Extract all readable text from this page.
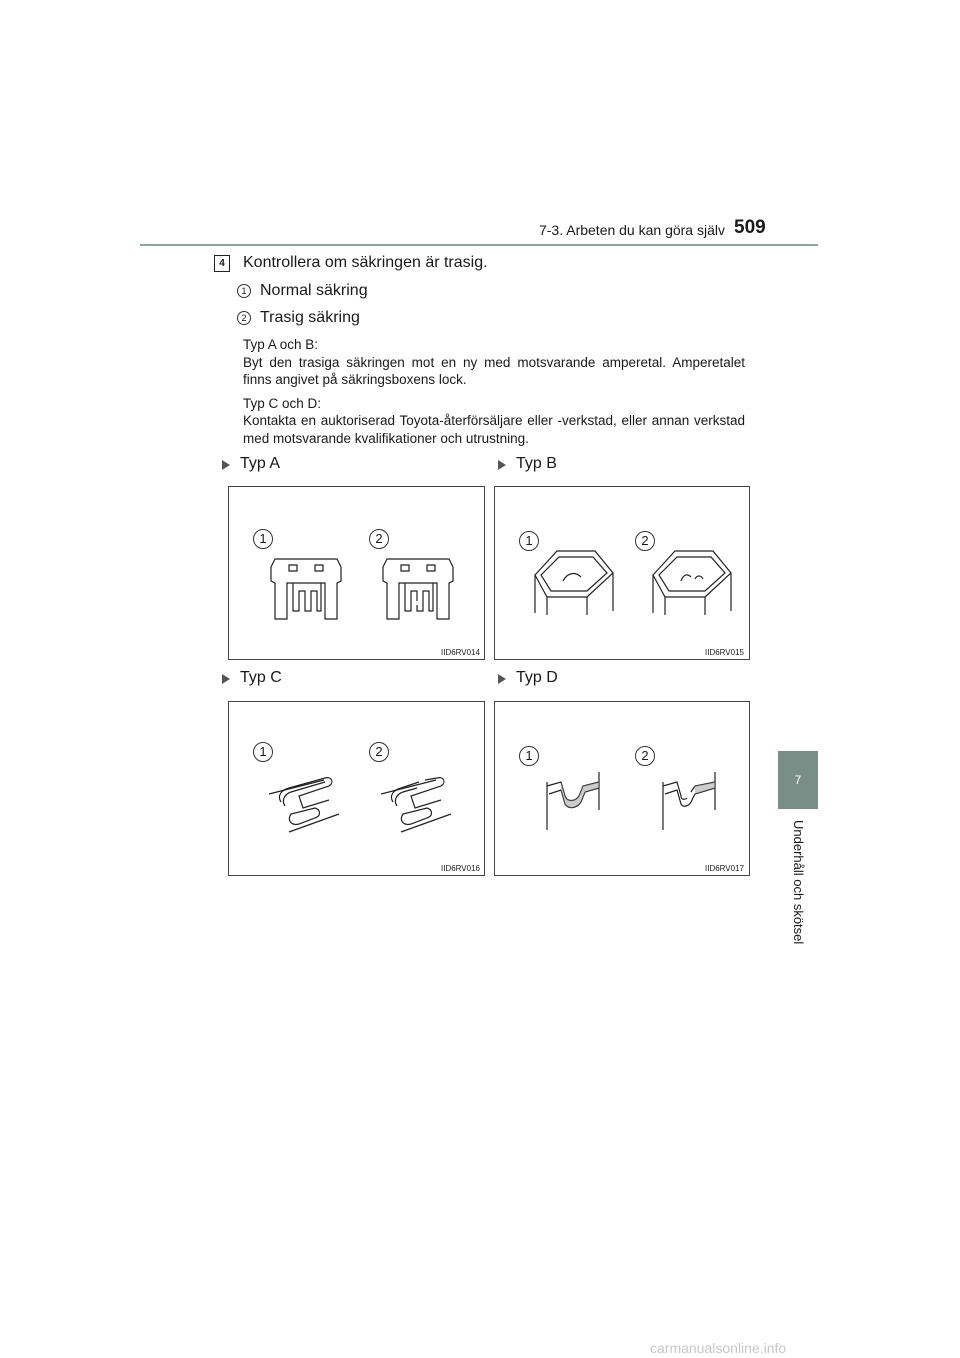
7-3. Arbeten du kan göra själv 509
4	Kontrollera om säkringen är trasig.
1 Normal säkring
2 Trasig säkring
Typ A och B:
Byt den trasiga säkringen mot en ny med motsvarande amperetal. Amperetalet finns angivet på säkringsboxens lock.
Typ C och D:
Kontakta en auktoriserad Toyota-återförsäljare eller -verkstad, eller annan verkstad med motsvarande kvalifikationer och utrustning.
Typ A	Typ B
Typ C	Typ D
1	2
IID6RV014
1	2
IID6RV015
1	2
IID6RV016
1	2
IID6RV017
7
Underhåll och skötsel
carmanualsonline.info
